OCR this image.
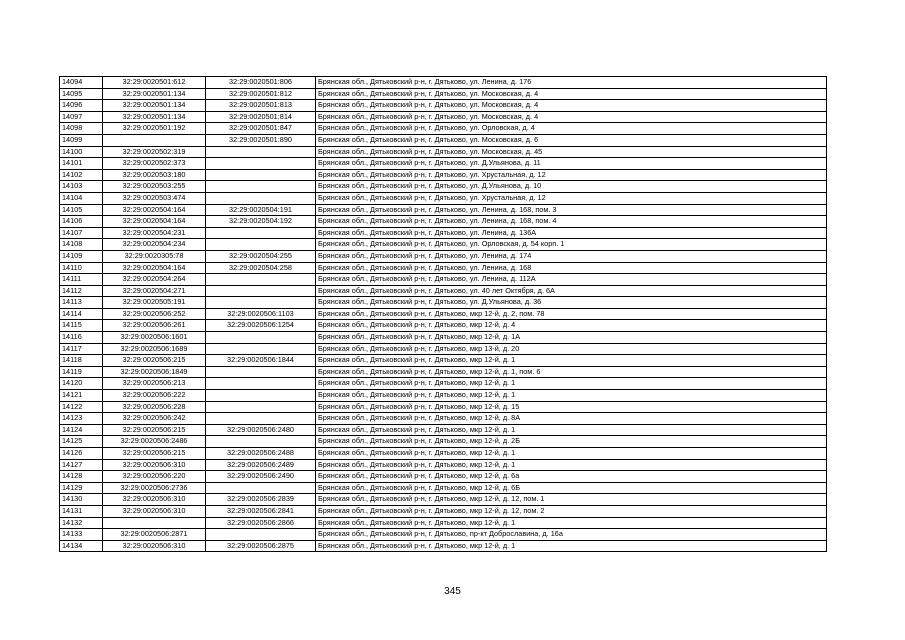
14094	32:29:0020501:612	32:29:0020501:806	Брянская обл., Дятьковский р-н, г. Дятьково, ул. Ленина, д. 176
14095	32:29:0020501:134	32:29:0020501:812	Брянская обл., Дятьковский р-н, г. Дятьково, ул. Московская, д. 4
14096	32:29:0020501:134	32:29:0020501:813	Брянская обл., Дятьковский р-н, г. Дятьково, ул. Московская, д. 4
14097	32:29:0020501:134	32:29:0020501:814	Брянская обл., Дятьковский р-н, г. Дятьково, ул. Московская, д. 4
14098	32:29:0020501:192	32:29:0020501:847	Брянская обл., Дятьковский р-н, г. Дятьково, ул. Орловская, д. 4
14099		32:29:0020501:890	Брянская обл., Дятьковский р-н, г. Дятьково, ул. Московская, д. 6
14100	32:29:0020502:319		Брянская обл., Дятьковский р-н, г. Дятьково, ул. Московская, д. 45
14101	32:29:0020502:373		Брянская обл., Дятьковский р-н, г. Дятьково, ул. Д.Ульянова, д. 11
14102	32:29:0020503:180		Брянская обл., Дятьковский р-н, г. Дятьково, ул. Хрустальная, д. 12
14103	32:29:0020503:255		Брянская обл., Дятьковский р-н, г. Дятьково, ул. Д.Ульянова, д. 10
14104	32:29:0020503:474		Брянская обл., Дятьковский р-н, г. Дятьково, ул. Хрустальная, д. 12
14105	32:29:0020504:164	32:29:0020504:191	Брянская обл., Дятьковский р-н, г. Дятьково, ул. Ленина, д. 168, пом. 3
14106	32:29:0020504:164	32:29:0020504:192	Брянская обл., Дятьковский р-н, г. Дятьково, ул. Ленина, д. 168, пом. 4
14107	32:29:0020504:231		Брянская обл., Дятьковский р-н, г. Дятьково, ул. Ленина, д. 136А
14108	32:29:0020504:234		Брянская обл., Дятьковский р-н, г. Дятьково, ул. Орловская, д. 54 корп. 1
14109	32:29:0020305:78	32:29:0020504:255	Брянская обл., Дятьковский р-н, г. Дятьково, ул. Ленина, д. 174
14110	32:29:0020504:164	32:29:0020504:258	Брянская обл., Дятьковский р-н, г. Дятьково, ул. Ленина, д. 168
14111	32:29:0020504:264		Брянская обл., Дятьковский р-н, г. Дятьково, ул. Ленина, д. 112А
14112	32:29:0020504:271		Брянская обл., Дятьковский р-н, г. Дятьково, ул. 40 лет Октября, д. 6А
14113	32:29:0020505:191		Брянская обл., Дятьковский р-н, г. Дятьково, ул. Д.Ульянова, д. 36
14114	32:29:0020506:252	32:29:0020506:1103	Брянская обл., Дятьковский р-н, г. Дятьково, мкр 12-й, д. 2, пом. 78
14115	32:29:0020506:261	32:29:0020506:1254	Брянская обл., Дятьковский р-н, г. Дятьково, мкр 12-й, д. 4
14116	32:29:0020506:1601		Брянская обл., Дятьковский р-н, г. Дятьково, мкр 12-й, д. 1А
14117	32:29:0020506:1689		Брянская обл., Дятьковский р-н, г. Дятьково, мкр 13-й, д. 20
14118	32:29:0020506:215	32:29:0020506:1844	Брянская обл., Дятьковский р-н, г. Дятьково, мкр 12-й, д. 1
14119	32:29:0020506:1849		Брянская обл., Дятьковский р-н, г. Дятьково, мкр 12-й, д. 1, пом. 6
14120	32:29:0020506:213		Брянская обл., Дятьковский р-н, г. Дятьково, мкр 12-й, д. 1
14121	32:29:0020506:222		Брянская обл., Дятьковский р-н, г. Дятьково, мкр 12-й, д. 1
14122	32:29:0020506:228		Брянская обл., Дятьковский р-н, г. Дятьково, мкр 12-й, д. 15
14123	32:29:0020506:242		Брянская обл., Дятьковский р-н, г. Дятьково, мкр 12-й, д. 8А
14124	32:29:0020506:215	32:29:0020506:2480	Брянская обл., Дятьковский р-н, г. Дятьково, мкр 12-й, д. 1
14125	32:29:0020506:2486		Брянская обл., Дятьковский р-н, г. Дятьково, мкр 12-й, д. 2Б
14126	32:29:0020506:215	32:29:0020506:2488	Брянская обл., Дятьковский р-н, г. Дятьково, мкр 12-й, д. 1
14127	32:29:0020506:310	32:29:0020506:2489	Брянская обл., Дятьковский р-н, г. Дятьково, мкр 12-й, д. 1
14128	32:29:0020506:220	32:29:0020506:2490	Брянская обл., Дятьковский р-н, г. Дятьково, мкр 12-й, д. 6а
14129	32:29:0020506:2736		Брянская обл., Дятьковский р-н, г. Дятьково, мкр 12-й, д. 6Б
14130	32:29:0020506:310	32:29:0020506:2839	Брянская обл., Дятьковский р-н, г. Дятьково, мкр 12-й, д. 12, пом. 1
14131	32:29:0020506:310	32:29:0020506:2841	Брянская обл., Дятьковский р-н, г. Дятьково, мкр 12-й, д. 12, пом. 2
14132		32:29:0020506:2866	Брянская обл., Дятьковский р-н, г. Дятьково, мкр 12-й, д. 1
14133	32:29:0020506:2871		Брянская обл., Дятьковский р-н, г. Дятьково, пр-кт Доброславина, д. 16а
14134	32:29:0020506:310	32:29:0020506:2875	Брянская обл., Дятьковский р-н, г. Дятьково, мкр 12-й, д. 1
345
